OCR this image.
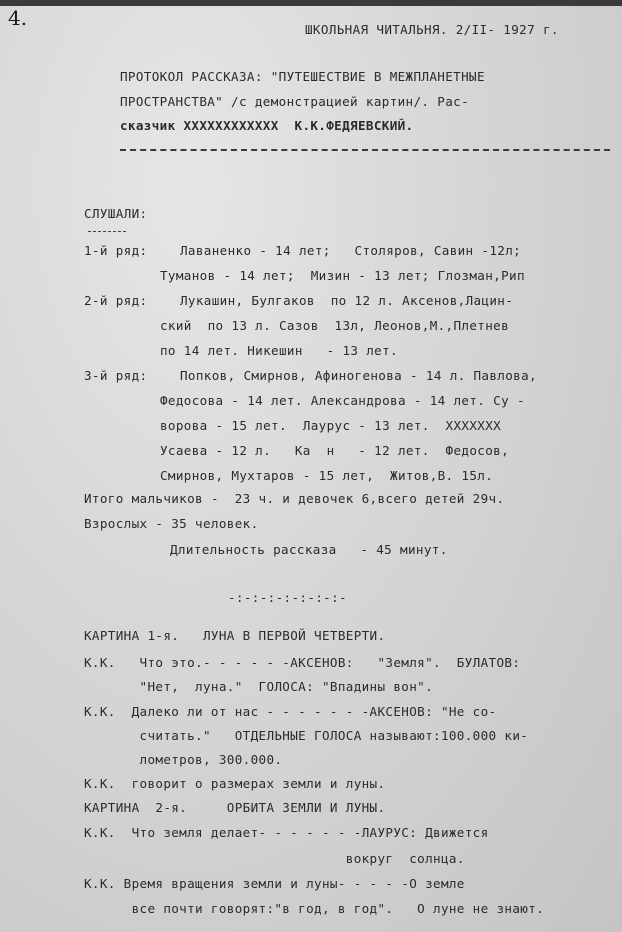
4.	ШКОЛЬНАЯ ЧИТАЛЬНЯ. 2/II- 1927 г.
ПРОТОКОЛ РАССКАЗА: "ПУТЕШЕСТВИЕ В МЕЖПЛАНЕТНЫЕ
ПРОСТРАНСТВА" /с демонстрацией картин/. Рас-
сказчик ХХХХХХХХХХХХ  К.К.ФЕДЯЕВСКИЙ.
СЛУШАЛИ:
1-й ряд:	Лаваненко - 14 лет;   Столяров, Савин -12л;
Туманов - 14 лет;  Мизин - 13 лет; Глозман,Рип
2-й ряд:	Лукашин, Булгаков  по 12 л. Аксенов,Лацин-
ский  по 13 л. Сазов  13л, Леонов,М.,Плетнев
по 14 лет. Никешин   - 13 лет.
3-й ряд:	Попков, Смирнов, Афиногенова - 14 л. Павлова,
Федосова - 14 лет. Александрова - 14 лет. Су -
ворова - 15 лет.  Лаурус - 13 лет.  ХХХХХХХ
Усаева - 12 л.   Ка  н   - 12 лет.  Федосов,
Смирнов, Мухтаров - 15 лет,  Житов,В. 15л.
Итого мальчиков -  23 ч. и девочек 6,всего детей 29ч.
Взрослых - 35 человек.
Длительность рассказа   - 45 минут.
-:-:-:-:-:-:-:-
КАРТИНА 1-я.   ЛУНА В ПЕРВОЙ ЧЕТВЕРТИ.
К.К.   Что это.- - - - - -АКСЕНОВ:   "Земля".  БУЛАТОВ:
"Нет,  луна."  ГОЛОСА: "Впадины вон".
К.К.  Далеко ли от нас - - - - - - -АКСЕНОВ: "Не со-
считать."   ОТДЕЛЬНЫЕ ГОЛОСА называют:100.000 ки-
лометров, 300.000.
К.К.  говорит о размерах земли и луны.
КАРТИНА  2-я.     ОРБИТА ЗЕМЛИ И ЛУНЫ.
К.К.  Что земля делает- - - - - - -ЛАУРУС: Движется
вокруг  солнца.
К.К. Время вращения земли и луны- - - - -О земле
все почти говорят:"в год, в год".   О луне не знают.
